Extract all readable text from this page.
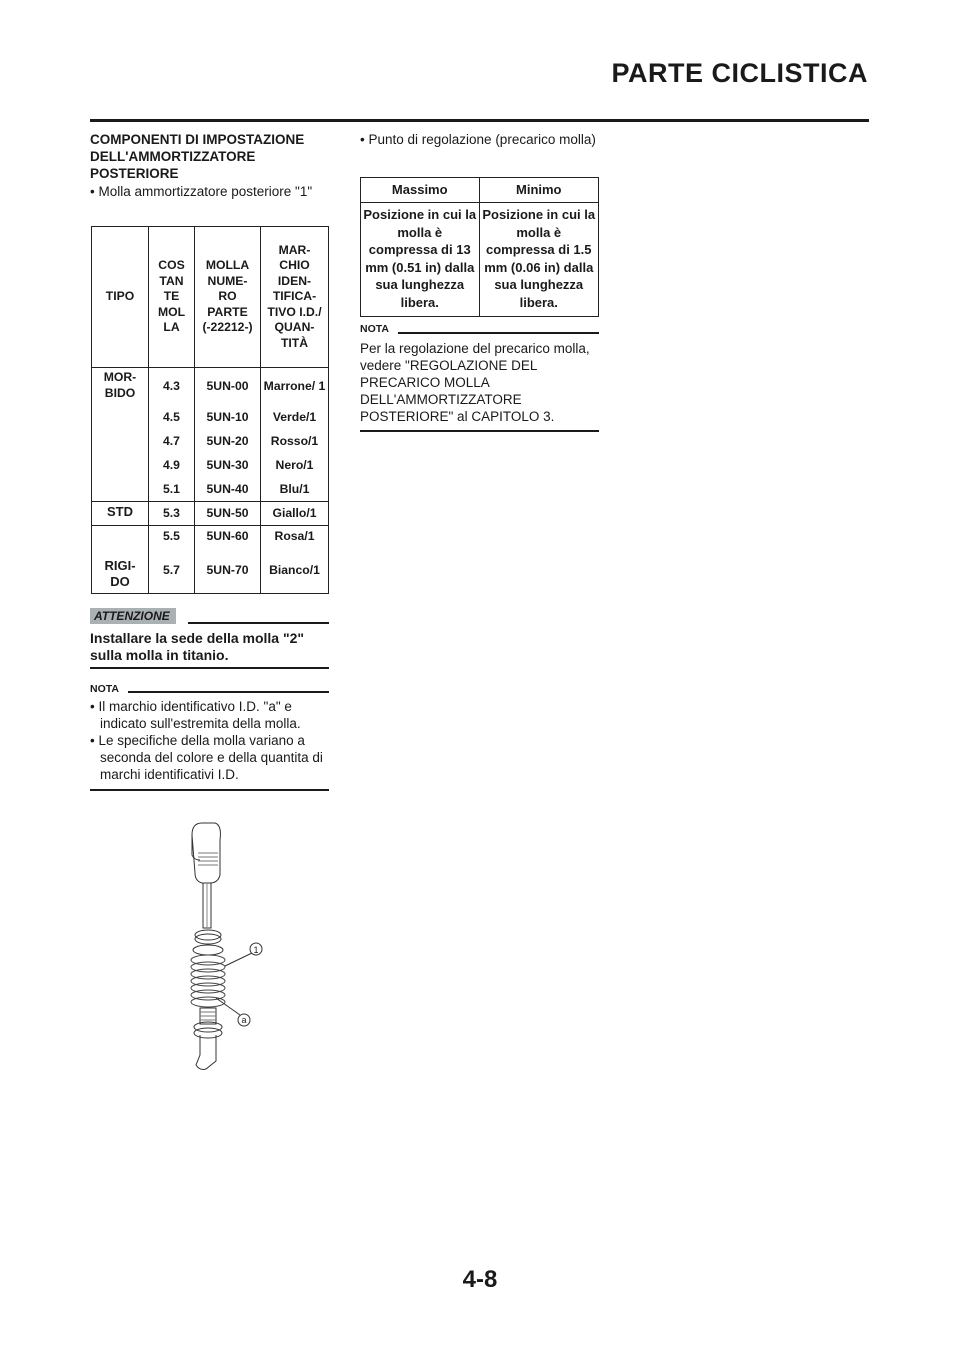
PARTE CICLISTICA
COMPONENTI DI IMPOSTAZIONE DELL'AMMORTIZZATORE POSTERIORE
• Molla ammortizzatore posteriore "1"
TIPO	COS TAN TE MOL LA	MOLLA NUME- RO PARTE (-22212-)	MAR- CHIO IDEN- TIFICA- TIVO I.D./ QUAN- TITÀ
MOR- BIDO	4.3	5UN-00	Marrone/ 1
	4.5	5UN-10	Verde/1
	4.7	5UN-20	Rosso/1
	4.9	5UN-30	Nero/1
	5.1	5UN-40	Blu/1
STD	5.3	5UN-50	Giallo/1
RIGI- DO	5.5	5UN-60	Rosa/1
	5.7	5UN-70	Bianco/1
ATTENZIONE
Installare la sede della molla "2" sulla molla in titanio.
NOTA
• Il marchio identificativo I.D. "a" e indicato sull'estremita della molla.
• Le specifiche della molla variano a seconda del colore e della quantita di marchi identificativi I.D.
1
a
• Punto di regolazione (precarico molla)
Massimo	Minimo
Posizione in cui la molla è compressa di 13 mm (0.51 in) dalla sua lunghezza libera.	Posizione in cui la molla è compressa di 1.5 mm (0.06 in) dalla sua lunghezza libera.
NOTA
Per la regolazione del precarico molla, vedere "REGOLAZIONE DEL PRECARICO MOLLA DELL'AMMORTIZZATORE POSTERIORE" al CAPITOLO 3.
4-8
